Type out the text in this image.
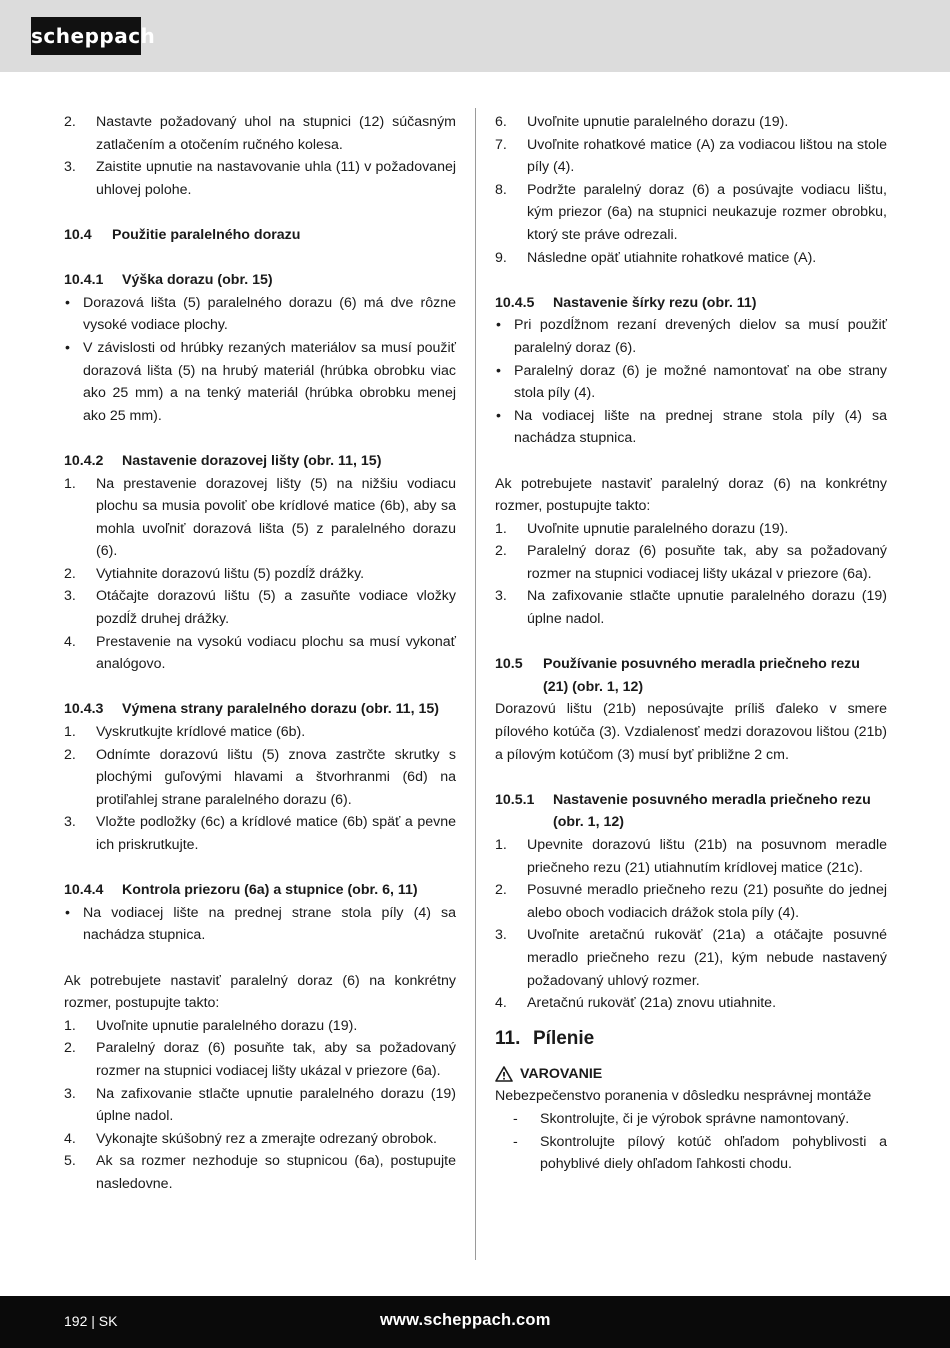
scheppach
2. Nastavte požadovaný uhol na stupnici (12) súčasným zatlačením a otočením ručného kolesa.
3. Zaistite upnutie na nastavovanie uhla (11) v požadovanej uhlovej polohe.
10.4 Použitie paralelného dorazu
10.4.1 Výška dorazu (obr. 15)
• Dorazová lišta (5) paralelného dorazu (6) má dve rôzne vysoké vodiace plochy.
• V závislosti od hrúbky rezaných materiálov sa musí použiť dorazová lišta (5) na hrubý materiál (hrúbka obrobku viac ako 25 mm) a na tenký materiál (hrúbka obrobku menej ako 25 mm).
10.4.2 Nastavenie dorazovej lišty (obr. 11, 15)
1. Na prestavenie dorazovej lišty (5) na nižšiu vodiacu plochu sa musia povoliť obe krídlové matice (6b), aby sa mohla uvoľniť dorazová lišta (5) z paralelného dorazu (6).
2. Vytiahnite dorazovú lištu (5) pozdĺž drážky.
3. Otáčajte dorazovú lištu (5) a zasuňte vodiace vložky pozdĺž druhej drážky.
4. Prestavenie na vysokú vodiacu plochu sa musí vykonať analógovo.
10.4.3 Výmena strany paralelného dorazu (obr. 11, 15)
1. Vyskrutkujte krídlové matice (6b).
2. Odnímte dorazovú lištu (5) znova zastrčte skrutky s plochými guľovými hlavami a štvorhranmi (6d) na protiľahlej strane paralelného dorazu (6).
3. Vložte podložky (6c) a krídlové matice (6b) späť a pevne ich priskrutkujte.
10.4.4 Kontrola priezoru (6a) a stupnice (obr. 6, 11)
• Na vodiacej lište na prednej strane stola píly (4) sa nachádza stupnica.
Ak potrebujete nastaviť paralelný doraz (6) na konkrétny rozmer, postupujte takto:
1. Uvoľnite upnutie paralelného dorazu (19).
2. Paralelný doraz (6) posuňte tak, aby sa požadovaný rozmer na stupnici vodiacej lišty ukázal v priezore (6a).
3. Na zafixovanie stlačte upnutie paralelného dorazu (19) úplne nadol.
4. Vykonajte skúšobný rez a zmerajte odrezaný obrobok.
5. Ak sa rozmer nezhoduje so stupnicou (6a), postupujte nasledovne.
6. Uvoľnite upnutie paralelného dorazu (19).
7. Uvoľnite rohatkové matice (A) za vodiacou lištou na stole píly (4).
8. Podržte paralelný doraz (6) a posúvajte vodiacu lištu, kým priezor (6a) na stupnici neukazuje rozmer obrobku, ktorý ste práve odrezali.
9. Následne opäť utiahnite rohatkové matice (A).
10.4.5 Nastavenie šírky rezu (obr. 11)
• Pri pozdĺžnom rezaní drevených dielov sa musí použiť paralelný doraz (6).
• Paralelný doraz (6) je možné namontovať na obe strany stola píly (4).
• Na vodiacej lište na prednej strane stola píly (4) sa nachádza stupnica.
Ak potrebujete nastaviť paralelný doraz (6) na konkrétny rozmer, postupujte takto:
1. Uvoľnite upnutie paralelného dorazu (19).
2. Paralelný doraz (6) posuňte tak, aby sa požadovaný rozmer na stupnici vodiacej lišty ukázal v priezore (6a).
3. Na zafixovanie stlačte upnutie paralelného dorazu (19) úplne nadol.
10.5 Používanie posuvného meradla priečneho rezu (21) (obr. 1, 12)
Dorazovú lištu (21b) neposúvajte príliš ďaleko v smere pílového kotúča (3). Vzdialenosť medzi dorazovou lištou (21b) a pílovým kotúčom (3) musí byť približne 2 cm.
10.5.1 Nastavenie posuvného meradla priečneho rezu (obr. 1, 12)
1. Upevnite dorazovú lištu (21b) na posuvnom meradle priečneho rezu (21) utiahnutím krídlovej matice (21c).
2. Posuvné meradlo priečneho rezu (21) posuňte do jednej alebo oboch vodiacich drážok stola píly (4).
3. Uvoľnite aretačnú rukoväť (21a) a otáčajte posuvné meradlo priečneho rezu (21), kým nebude nastavený požadovaný uhlový rozmer.
4. Aretačnú rukoväť (21a) znovu utiahnite.
11. Pílenie
VAROVANIE
Nebezpečenstvo poranenia v dôsledku nesprávnej montáže
- Skontrolujte, či je výrobok správne namontovaný.
- Skontrolujte pílový kotúč ohľadom pohyblivosti a pohyblivé diely ohľadom ľahkosti chodu.
192 | SK	www.scheppach.com
